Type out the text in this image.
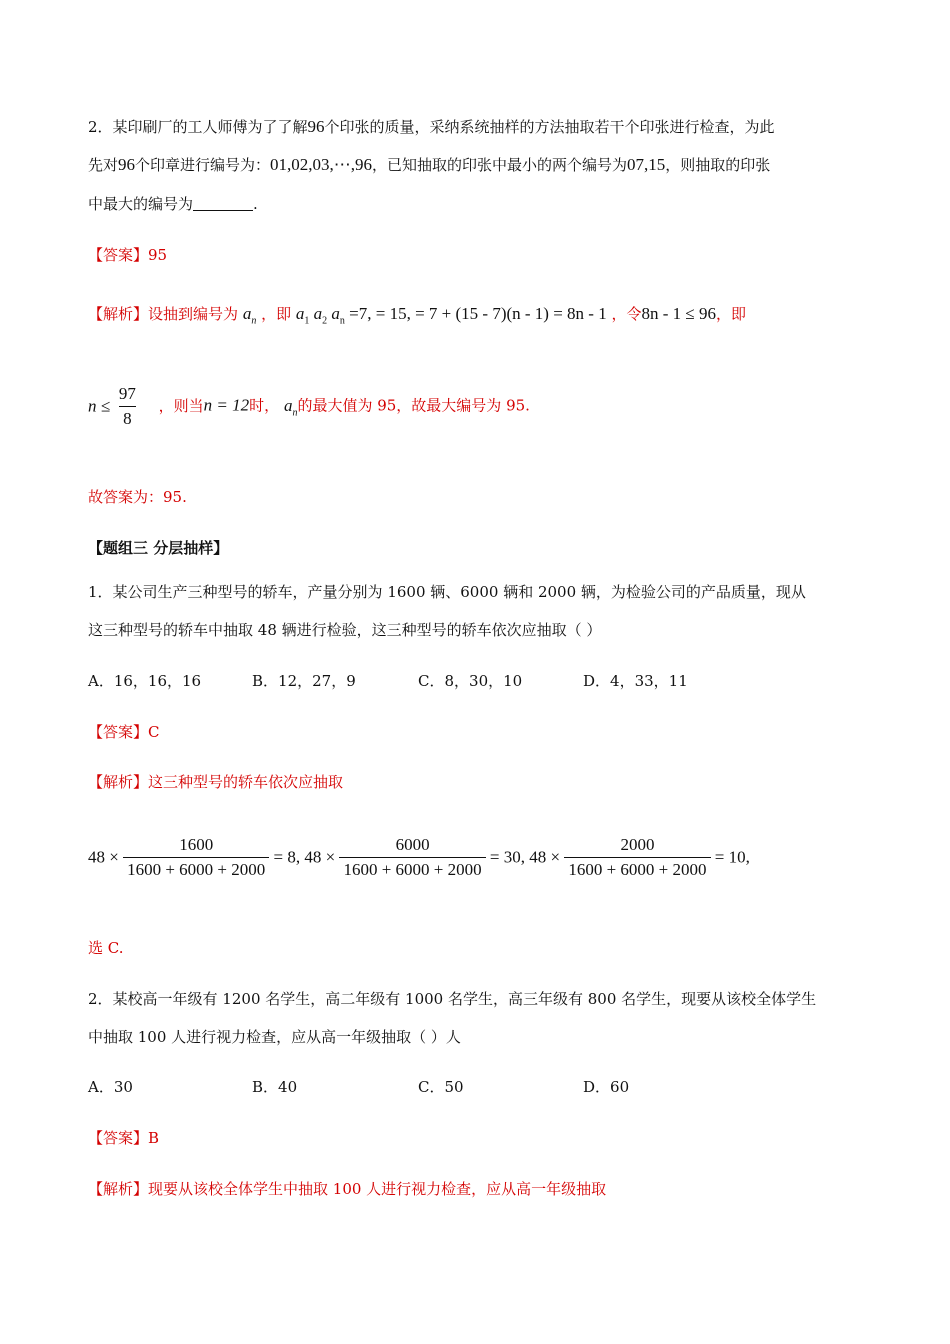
2．某印刷厂的工人师傅为了了解96个印张的质量，采纳系统抽样的方法抽取若干个印张进行检查，为此
先对96个印章进行编号为：01,02,03,⋯,96，已知抽取的印张中最小的两个编号为07,15，则抽取的印张
中最大的编号为	.
【答案】95
【解析】设抽到编号为 $a_n$ ，即 $a_1$ $a_2$ $a_n =7$, = 15, = 7 + (15 - 7)(n - 1) = 8n - 1 ，令8n - 1 ≤ 96，即
$n \le \frac{97}{8}$ ，则当n = 12时， $a_n$的最大值为 95，故最大编号为 95.
故答案为：95.
【题组三 分层抽样】
1．某公司生产三种型号的轿车，产量分别为 1600 辆、6000 辆和 2000 辆，为检验公司的产品质量，现从
这三种型号的轿车中抽取 48 辆进行检验，这三种型号的轿车依次应抽取（ ）
A．16，16，16	B．12，27，9	C．8，30，10	D．4，33，11
【答案】C
【解析】这三种型号的轿车依次应抽取
$48 \times \frac{1600}{1600 + 6000 + 2000} = 8$, $48 \times \frac{6000}{1600 + 6000 + 2000} = 30$, $48 \times \frac{2000}{1600 + 6000 + 2000} = 10$,
选 C.
2．某校高一年级有 1200 名学生，高二年级有 1000 名学生，高三年级有 800 名学生，现要从该校全体学生
中抽取 100 人进行视力检查，应从高一年级抽取（ ）人
A．30	B．40	C．50	D．60
【答案】B
【解析】现要从该校全体学生中抽取 100 人进行视力检查，应从高一年级抽取
